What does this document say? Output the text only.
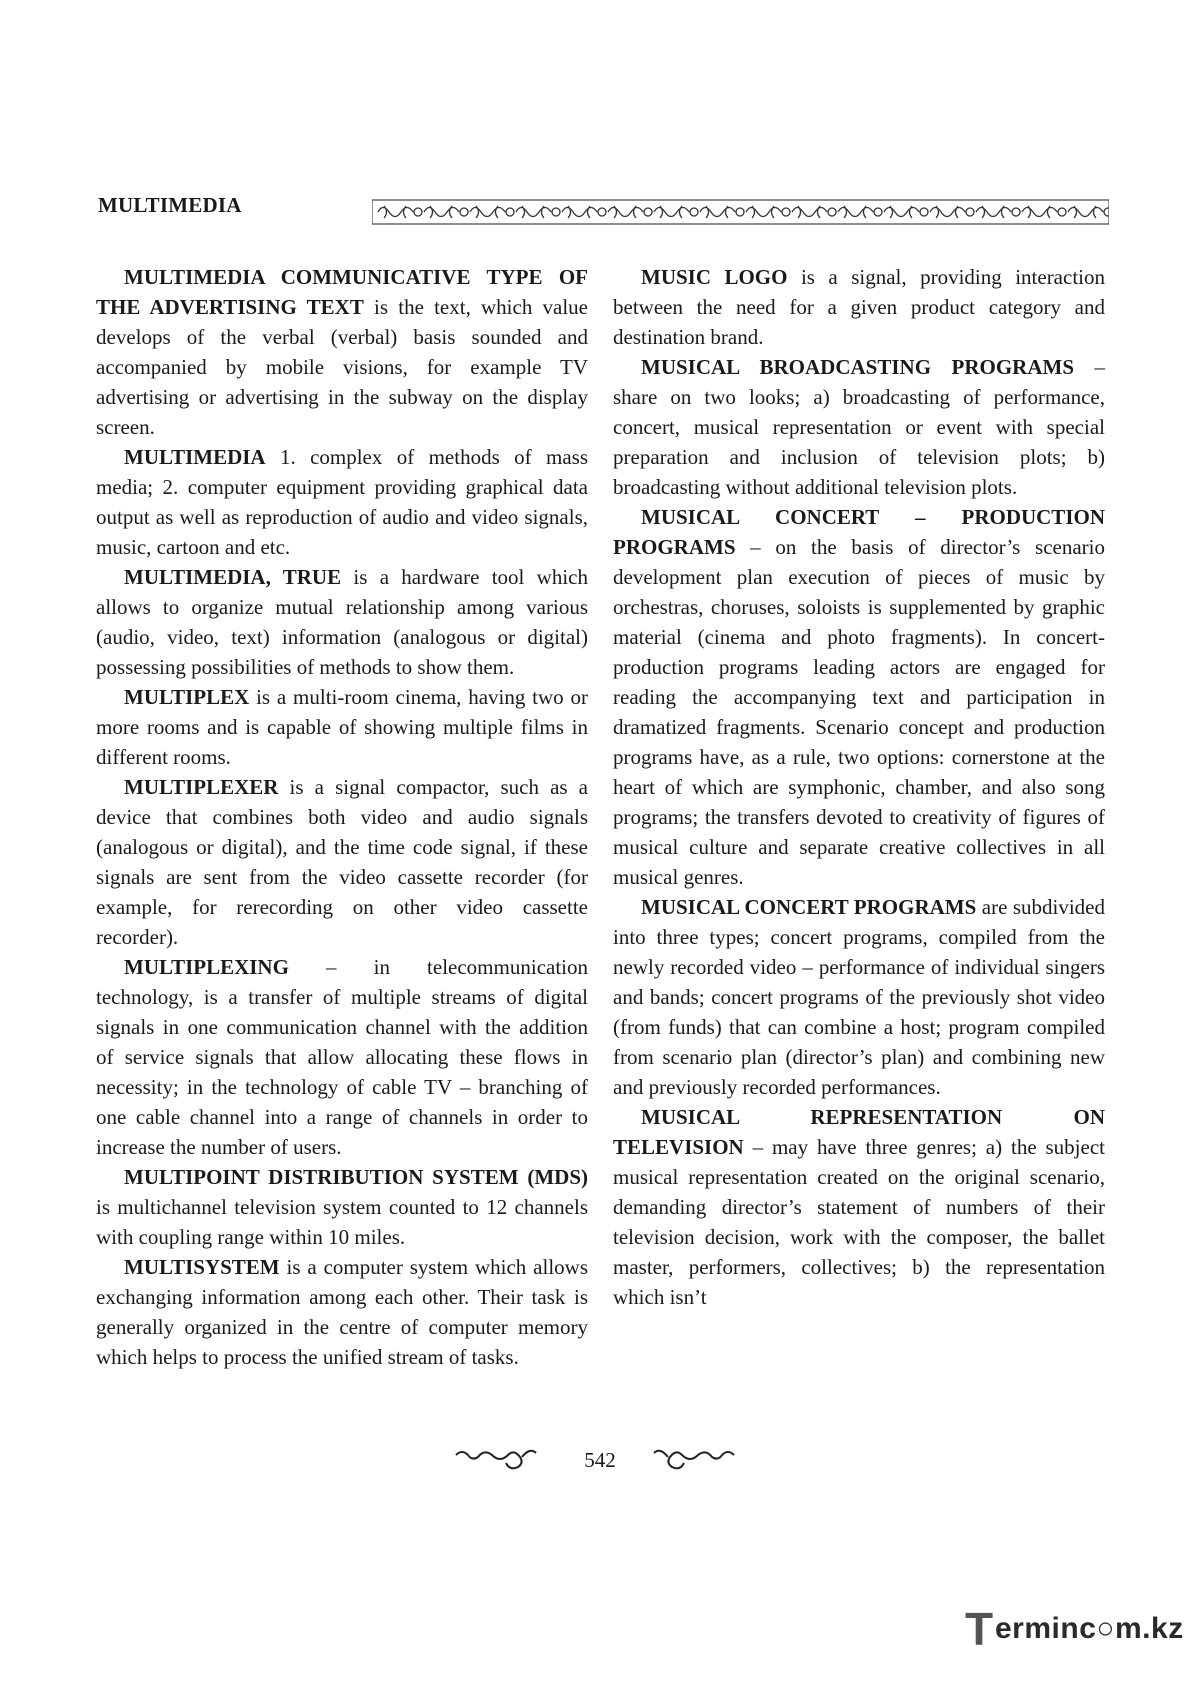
MULTIMEDIA

MULTIMEDIA COMMUNICATIVE TYPE OF THE ADVERTISING TEXT is the text, which value develops of the verbal (verbal) basis sounded and accompanied by mobile visions, for example TV advertising or advertising in the subway on the display screen.

MULTIMEDIA 1. complex of methods of mass media; 2. computer equipment providing graphical data output as well as reproduction of audio and video signals, music, cartoon and etc.

MULTIMEDIA, TRUE is a hardware tool which allows to organize mutual relationship among various (audio, video, text) information (analogous or digital) possessing possibilities of methods to show them.

MULTIPLEX is a multi-room cinema, having two or more rooms and is capable of showing multiple films in different rooms.

MULTIPLEXER is a signal compactor, such as a device that combines both video and audio signals (analogous or digital), and the time code signal, if these signals are sent from the video cassette recorder (for example, for rerecording on other video cassette recorder).

MULTIPLEXING – in telecommunication technology, is a transfer of multiple streams of digital signals in one communication channel with the addition of service signals that allow allocating these flows in necessity; in the technology of cable TV – branching of one cable channel into a range of channels in order to increase the number of users.

MULTIPOINT DISTRIBUTION SYSTEM (MDS) is multichannel television system counted to 12 channels with coupling range within 10 miles.

MULTISYSTEM is a computer system which allows exchanging information among each other. Their task is generally organized in the centre of computer memory which helps to process the unified stream of tasks.

MUSIC LOGO is a signal, providing interaction between the need for a given product category and destination brand.

MUSICAL BROADCASTING PROGRAMS – share on two looks; a) broadcasting of performance, concert, musical representation or event with special preparation and inclusion of television plots; b) broadcasting without additional television plots.

MUSICAL CONCERT – PRODUCTION PROGRAMS – on the basis of director’s scenario development plan execution of pieces of music by orchestras, choruses, soloists is supplemented by graphic material (cinema and photo fragments). In concert-production programs leading actors are engaged for reading the accompanying text and participation in dramatized fragments. Scenario concept and production programs have, as a rule, two options: cornerstone at the heart of which are symphonic, chamber, and also song programs; the transfers devoted to creativity of figures of musical culture and separate creative collectives in all musical genres.

MUSICAL CONCERT PROGRAMS are subdivided into three types; concert programs, compiled from the newly recorded video – performance of individual singers and bands; concert programs of the previously shot video (from funds) that can combine a host; program compiled from scenario plan (director’s plan) and combining new and previously recorded performances.

MUSICAL REPRESENTATION ON TELEVISION – may have three genres; a) the subject musical representation created on the original scenario, demanding director’s statement of numbers of their television decision, work with the composer, the ballet master, performers, collectives; b) the representation which isn’t

542
T erminc○m.kz
